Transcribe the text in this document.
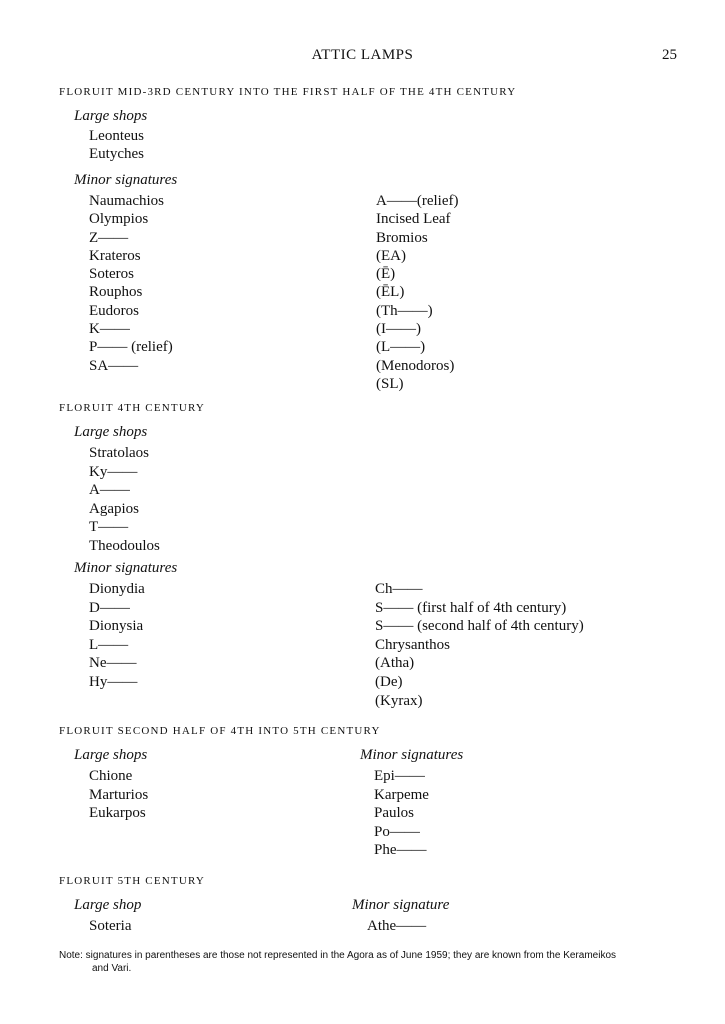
ATTIC LAMPS	25
FLORUIT MID-3RD CENTURY INTO THE FIRST HALF OF THE 4TH CENTURY
Large shops
Leonteus
Eutyches
Minor signatures
Naumachios
Olympios
Z——
Krateros
Soteros
Rouphos
Eudoros
K——
P—— (relief)
SA——
A——(relief)
Incised Leaf
Bromios
(EA)
(Ē)
(ĒL)
(Th——)
(I——)
(L——)
(Menodoros)
(SL)
FLORUIT 4TH CENTURY
Large shops
Stratolaos
Ky——
A——
Agapios
T——
Theodoulos
Minor signatures
Dionydia
D——
Dionysia
L——
Ne——
Hy——
Ch——
S—— (first half of 4th century)
S—— (second half of 4th century)
Chrysanthos
(Atha)
(De)
(Kyrax)
FLORUIT SECOND HALF OF 4TH INTO 5TH CENTURY
Large shops
Chione
Marturios
Eukarpos
Minor signatures
Epi——
Karpeme
Paulos
Po——
Phe——
FLORUIT 5TH CENTURY
Large shop
Soteria
Minor signature
Athe——
Note: signatures in parentheses are those not represented in the Agora as of June 1959; they are known from the Kerameikos
and Vari.
